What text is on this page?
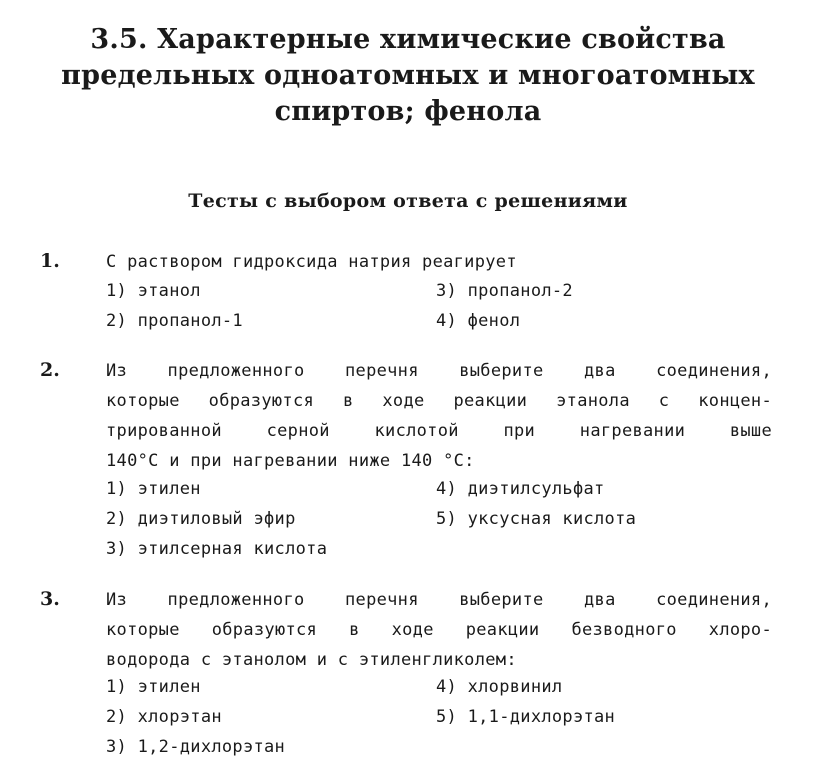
3.5. Характерные химические свойства
предельных одноатомных и многоатомных
спиртов; фенола
Тесты с выбором ответа с решениями
1.	С раствором гидроксида натрия реагирует
1) этанол
2) пропанол-1
3) пропанол-2
4) фенол
2.	Из предложенного перечня выберите два соединения,
которые образуются в ходе реакции этанола с концен-
трированной серной кислотой при нагревании выше
140°С и при нагревании ниже 140 °С:
1) этилен
2) диэтиловый эфир
3) этилсерная кислота
4) диэтилсульфат
5) уксусная кислота
3.	Из предложенного перечня выберите два соединения,
которые образуются в ходе реакции безводного хлоро-
водорода с этанолом и с этиленгликолем:
1) этилен
2) хлорэтан
3) 1,2-дихлорэтан
4) хлорвинил
5) 1,1-дихлорэтан
